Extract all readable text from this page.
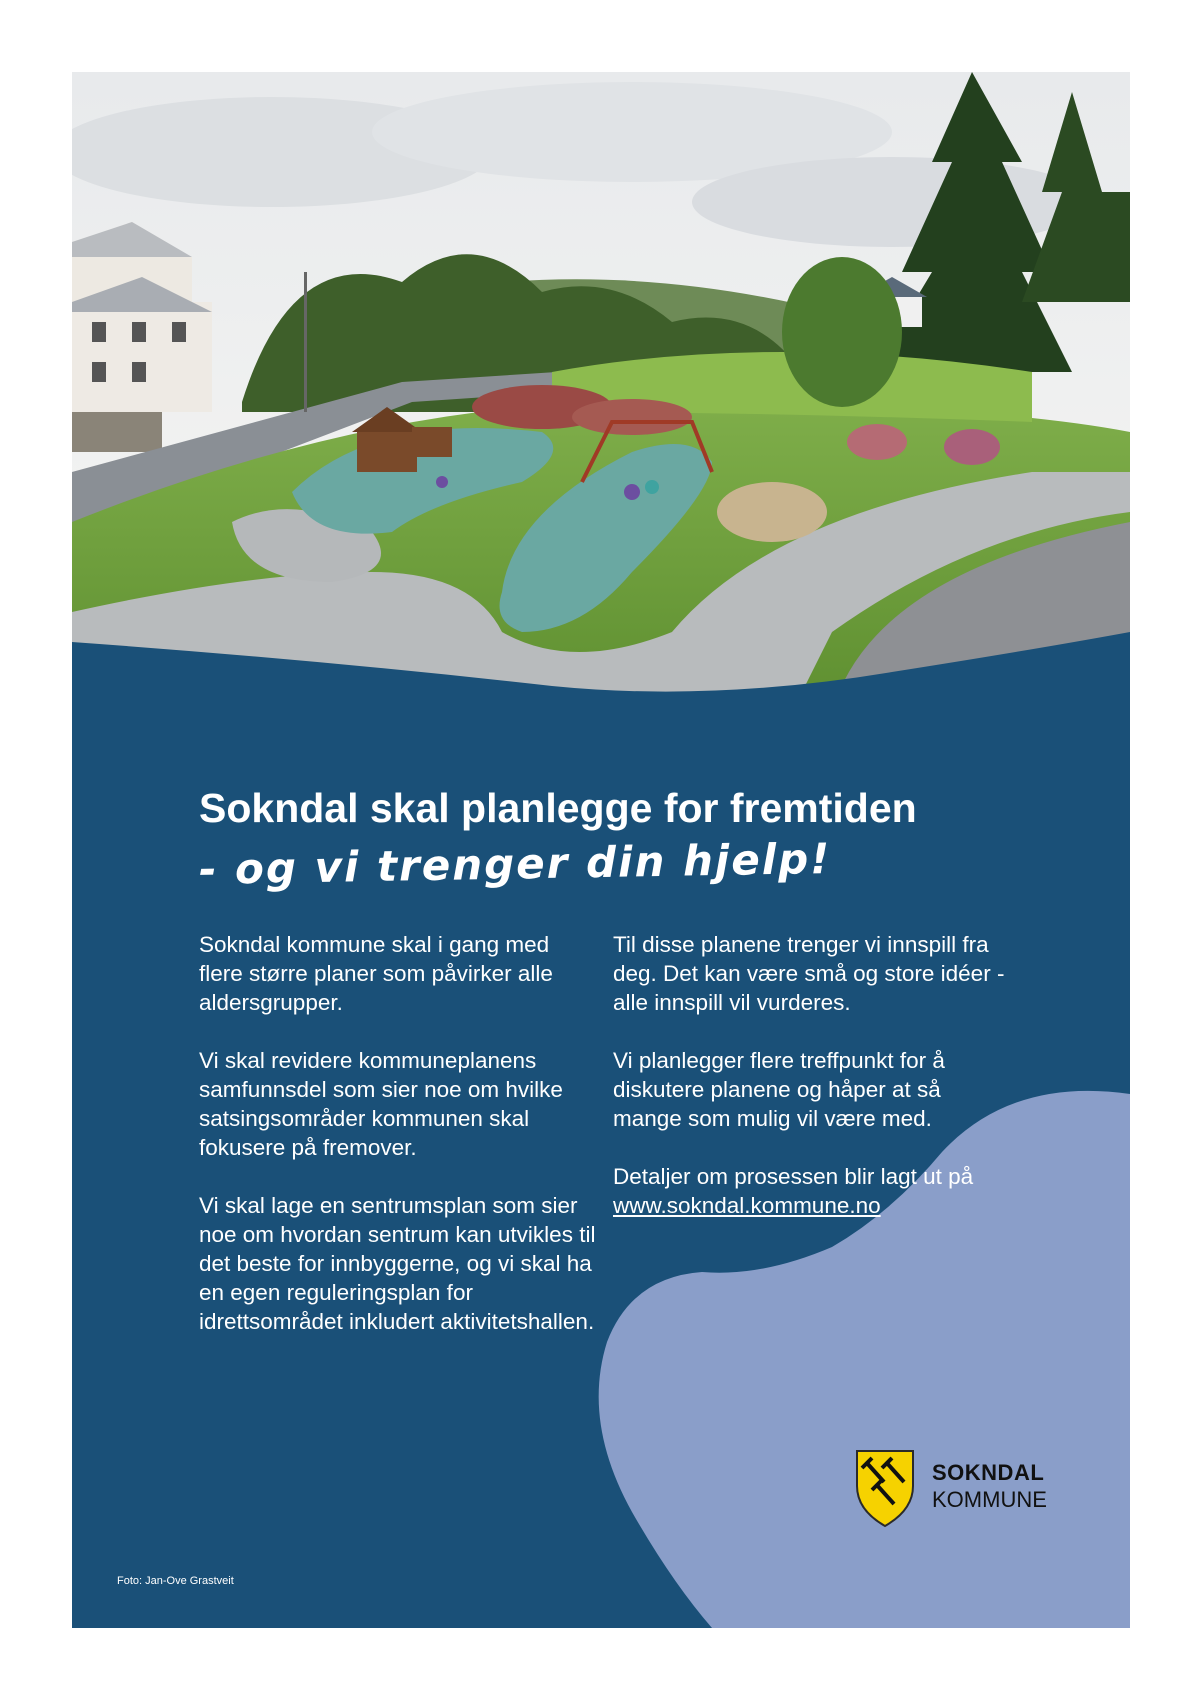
Sokndal skal planlegge for fremtiden
- og vi trenger din hjelp!

Sokndal kommune skal i gang med flere større planer som påvirker alle aldersgrupper.

Vi skal revidere kommuneplanens samfunnsdel som sier noe om hvilke satsingsområder kommunen skal fokusere på fremover.

Vi skal lage en sentrumsplan som sier noe om hvordan sentrum kan utvikles til det beste for innbyggerne, og vi skal ha en egen reguleringsplan for idrettsområdet inkludert aktivitetshallen.

Til disse planene trenger vi innspill fra deg. Det kan være små og store idéer - alle innspill vil vurderes.

Vi planlegger flere treffpunkt for å diskutere planene og håper at så mange som mulig vil være med.

Detaljer om prosessen blir lagt ut på
www.sokndal.kommune.no

SOKNDAL
KOMMUNE
Foto: Jan-Ove Grastveit
